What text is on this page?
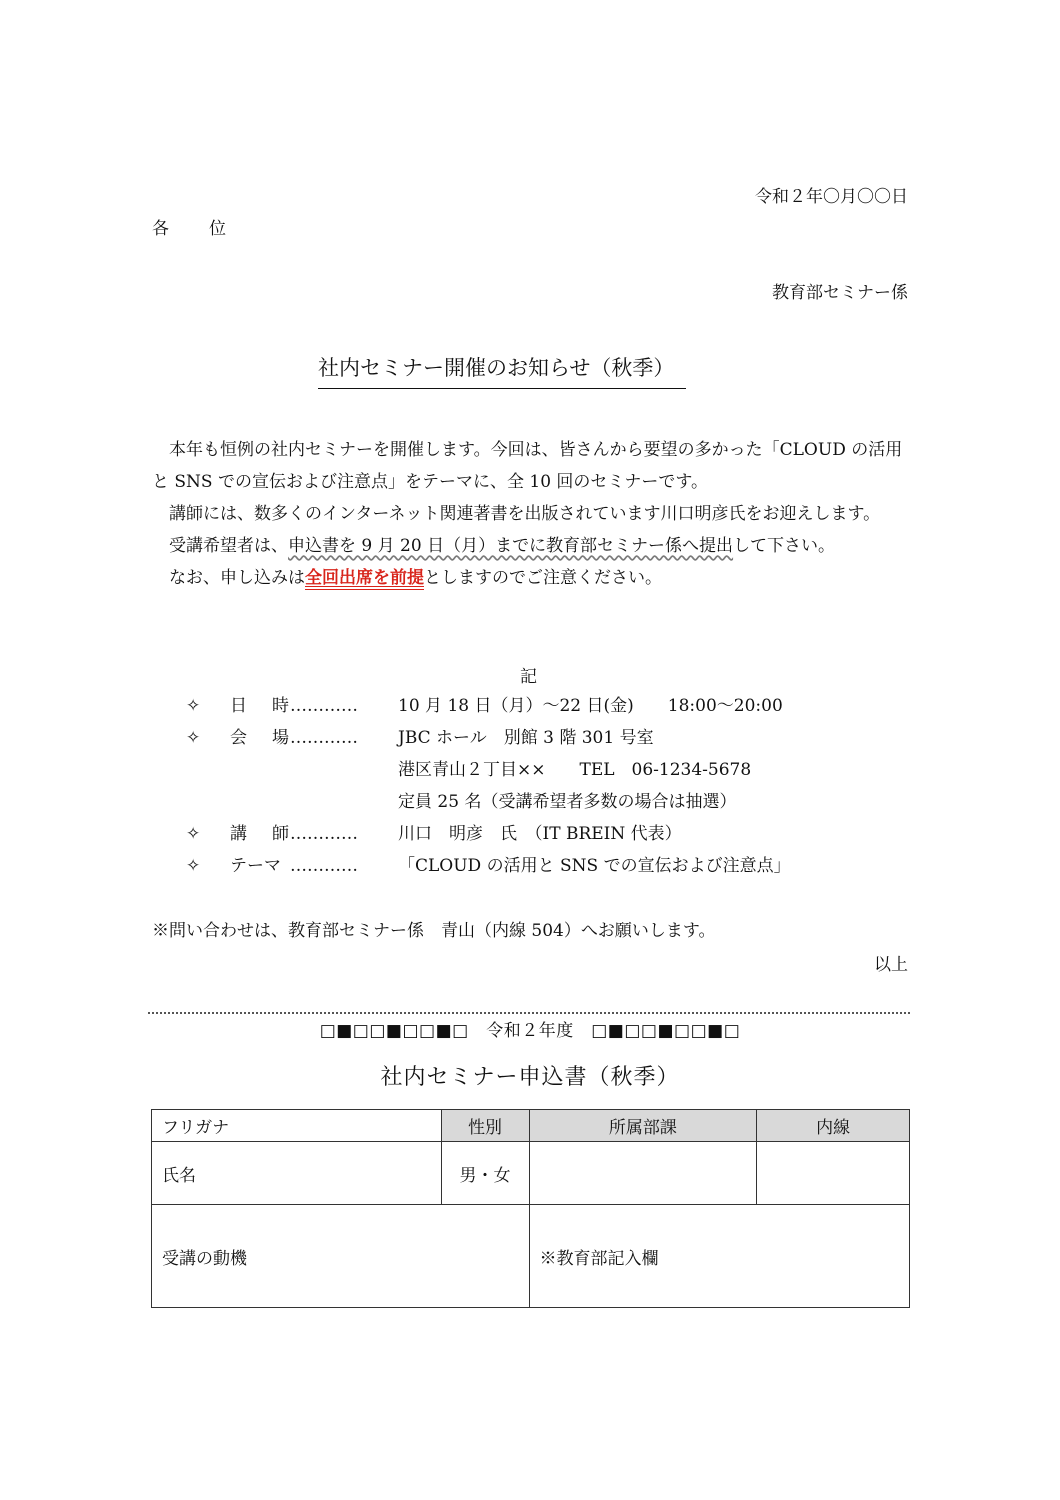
令和２年〇月〇〇日
各　　位
教育部セミナー係
社内セミナー開催のお知らせ（秋季）

本年も恒例の社内セミナーを開催します。今回は、皆さんから要望の多かった「CLOUD の活用と SNS での宣伝および注意点」をテーマに、全 10 回のセミナーです。

講師には、数多くのインターネット関連著書を出版されています川口明彦氏をお迎えします。

受講希望者は、申込書を 9 月 20 日（月）までに教育部セミナー係へ提出して下さい。

なお、申し込みは全回出席を前提としますのでご注意ください。

記
✧	日	時 ………… 10 月 18 日（月）～22 日(金)　　18:00～20:00
✧	会	場 ………… JBC ホール　別館 3 階 301 号室
港区青山２丁目××　　TEL　06-1234-5678
定員 25 名（受講希望者多数の場合は抽選）
✧	講	師 ………… 川口　明彦　氏　（IT BREIN 代表）
✧	テーマ ………… 「CLOUD の活用と SNS での宣伝および注意点」
※問い合わせは、教育部セミナー係　青山（内線 504）へお願いします。
以上
□■□□■□□■□　令和２年度　□■□□■□□■□
社内セミナー申込書（秋季）
フリガナ	性別	所属部課	内線
氏名	男・女		
受講の動機		※教育部記入欄	
